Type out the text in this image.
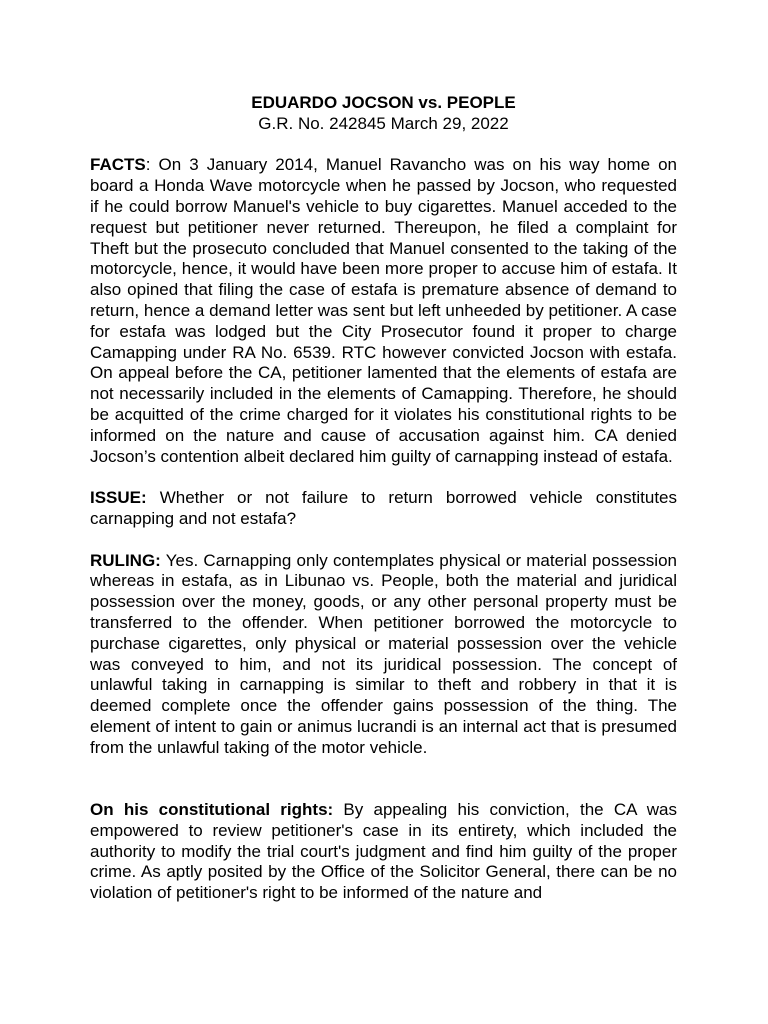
EDUARDO JOCSON vs. PEOPLE
G.R. No. 242845 March 29, 2022

FACTS: On 3 January 2014, Manuel Ravancho was on his way home on board a Honda Wave motorcycle when he passed by Jocson, who requested if he could borrow Manuel's vehicle to buy cigarettes. Manuel acceded to the request but petitioner never returned. Thereupon, he filed a complaint for Theft but the prosecuto concluded that Manuel consented to the taking of the motorcycle, hence, it would have been more proper to accuse him of estafa. It also opined that filing the case of estafa is premature absence of demand to return, hence a demand letter was sent but left unheeded by petitioner. A case for estafa was lodged but the City Prosecutor found it proper to charge Camapping under RA No. 6539. RTC however convicted Jocson with estafa. On appeal before the CA, petitioner lamented that the elements of estafa are not necessarily included in the elements of Camapping. Therefore, he should be acquitted of the crime charged for it violates his constitutional rights to be informed on the nature and cause of accusation against him. CA denied Jocson’s contention albeit declared him guilty of carnapping instead of estafa.

ISSUE: Whether or not failure to return borrowed vehicle constitutes carnapping and not estafa?

RULING: Yes. Carnapping only contemplates physical or material possession whereas in estafa, as in Libunao vs. People, both the material and juridical possession over the money, goods, or any other personal property must be transferred to the offender. When petitioner borrowed the motorcycle to purchase cigarettes, only physical or material possession over the vehicle was conveyed to him, and not its juridical possession. The concept of unlawful taking in carnapping is similar to theft and robbery in that it is deemed complete once the offender gains possession of the thing. The element of intent to gain or animus lucrandi is an internal act that is presumed from the unlawful taking of the motor vehicle.

On his constitutional rights: By appealing his conviction, the CA was empowered to review petitioner's case in its entirety, which included the authority to modify the trial court's judgment and find him guilty of the proper crime. As aptly posited by the Office of the Solicitor General, there can be no violation of petitioner's right to be informed of the nature and
